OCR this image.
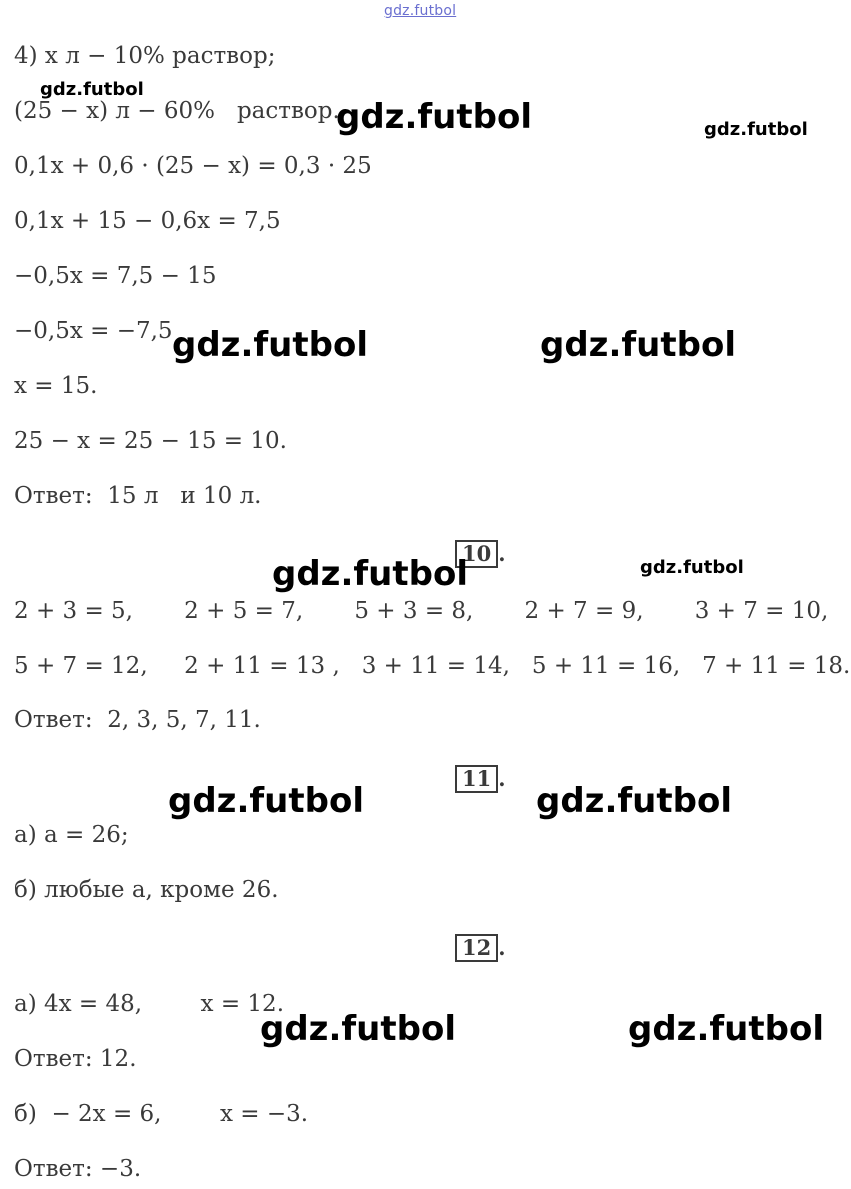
gdz.futbol
4) x л − 10% раствор;
(25 − x) л − 60%   раствор.
0,1x + 0,6 · (25 − x) = 0,3 · 25
0,1x + 15 − 0,6x = 7,5
−0,5x = 7,5 − 15
−0,5x = −7,5
x = 15.
25 − x = 25 − 15 = 10.
Ответ:  15 л   и 10 л.
10 .
2 + 3 = 5,       2 + 5 = 7,       5 + 3 = 8,       2 + 7 = 9,       3 + 7 = 10,
5 + 7 = 12,     2 + 11 = 13 ,   3 + 11 = 14,   5 + 11 = 16,   7 + 11 = 18.
Ответ:  2, 3, 5, 7, 11.
11 .
а) a = 26;
б) любые a, кроме 26.
12 .
а) 4x = 48,        x = 12.
Ответ: 12.
б)  − 2x = 6,        x = −3.
Ответ: −3.
gdz.futbol
gdz.futbol	gdz.futbol
gdz.futbol	gdz.futbol
gdz.futbol	gdz.futbol
gdz.futbol	gdz.futbol
gdz.futbol	gdz.futbol
